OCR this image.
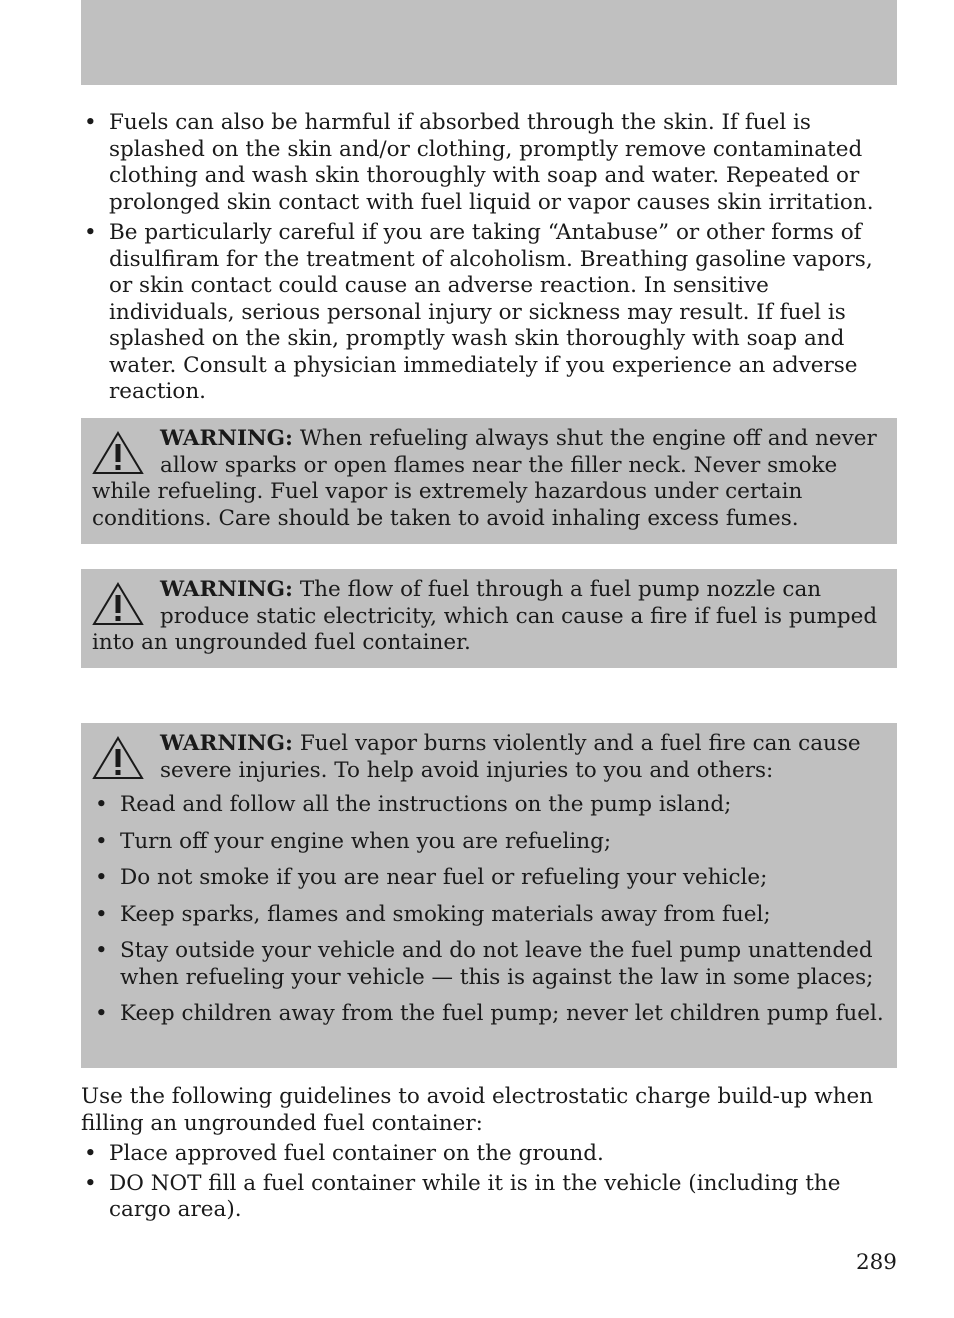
• Fuels can also be harmful if absorbed through the skin. If fuel is splashed on the skin and/or clothing, promptly remove contaminated clothing and wash skin thoroughly with soap and water. Repeated or prolonged skin contact with fuel liquid or vapor causes skin irritation.
• Be particularly careful if you are taking “Antabuse” or other forms of disulfiram for the treatment of alcoholism. Breathing gasoline vapors, or skin contact could cause an adverse reaction. In sensitive individuals, serious personal injury or sickness may result. If fuel is splashed on the skin, promptly wash skin thoroughly with soap and water. Consult a physician immediately if you experience an adverse reaction.
WARNING: When refueling always shut the engine off and never allow sparks or open flames near the filler neck. Never smoke while refueling. Fuel vapor is extremely hazardous under certain conditions. Care should be taken to avoid inhaling excess fumes.
WARNING: The flow of fuel through a fuel pump nozzle can produce static electricity, which can cause a fire if fuel is pumped into an ungrounded fuel container.
WARNING: Fuel vapor burns violently and a fuel fire can cause severe injuries. To help avoid injuries to you and others:
• Read and follow all the instructions on the pump island;
• Turn off your engine when you are refueling;
• Do not smoke if you are near fuel or refueling your vehicle;
• Keep sparks, flames and smoking materials away from fuel;
• Stay outside your vehicle and do not leave the fuel pump unattended when refueling your vehicle — this is against the law in some places;
• Keep children away from the fuel pump; never let children pump fuel.

Use the following guidelines to avoid electrostatic charge build-up when filling an ungrounded fuel container:

• Place approved fuel container on the ground.
• DO NOT fill a fuel container while it is in the vehicle (including the cargo area).
289
